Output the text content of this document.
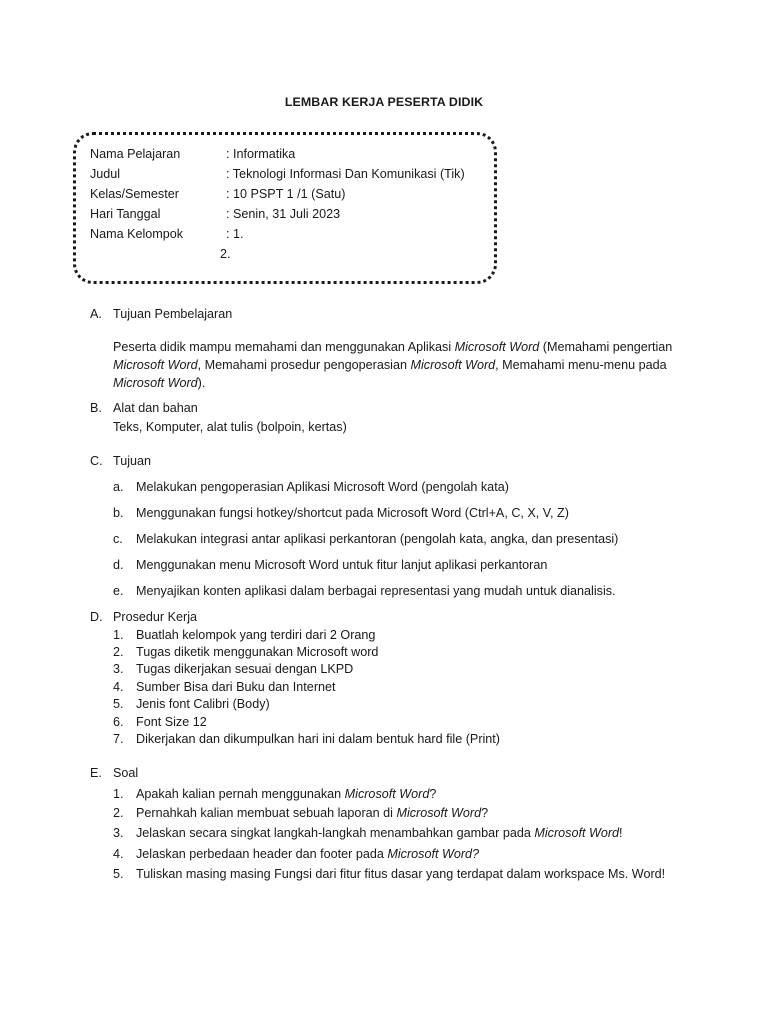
LEMBAR KERJA PESERTA DIDIK
Nama Pelajaran	: Informatika
Judul	: Teknologi Informasi Dan Komunikasi (Tik)
Kelas/Semester	: 10 PSPT 1 /1 (Satu)
Hari Tanggal	: Senin, 31 Juli 2023
Nama Kelompok	: 1.
2.
A. Tujuan Pembelajaran
Peserta didik mampu memahami dan menggunakan Aplikasi Microsoft Word (Memahami pengertian Microsoft Word, Memahami prosedur pengoperasian Microsoft Word, Memahami menu-menu pada Microsoft Word).
B. Alat dan bahan
Teks, Komputer, alat tulis (bolpoin, kertas)
C. Tujuan
a. Melakukan pengoperasian Aplikasi Microsoft Word (pengolah kata)
b. Menggunakan fungsi hotkey/shortcut pada Microsoft Word (Ctrl+A, C, X, V, Z)
c. Melakukan integrasi antar aplikasi perkantoran (pengolah kata, angka, dan presentasi)
d. Menggunakan menu Microsoft Word untuk fitur lanjut aplikasi perkantoran
e. Menyajikan konten aplikasi dalam berbagai representasi yang mudah untuk dianalisis.
D. Prosedur Kerja
1. Buatlah kelompok yang terdiri dari 2 Orang
2. Tugas diketik menggunakan Microsoft word
3. Tugas dikerjakan sesuai dengan LKPD
4. Sumber Bisa dari Buku dan Internet
5. Jenis font Calibri (Body)
6. Font Size 12
7. Dikerjakan dan dikumpulkan hari ini dalam bentuk hard file (Print)
E. Soal
1. Apakah kalian pernah menggunakan Microsoft Word?
2. Pernahkah kalian membuat sebuah laporan di Microsoft Word?
3. Jelaskan secara singkat langkah-langkah menambahkan gambar pada Microsoft Word!
4. Jelaskan perbedaan header dan footer pada Microsoft Word?
5. Tuliskan masing masing Fungsi dari fitur fitus dasar yang terdapat dalam workspace Ms. Word!
